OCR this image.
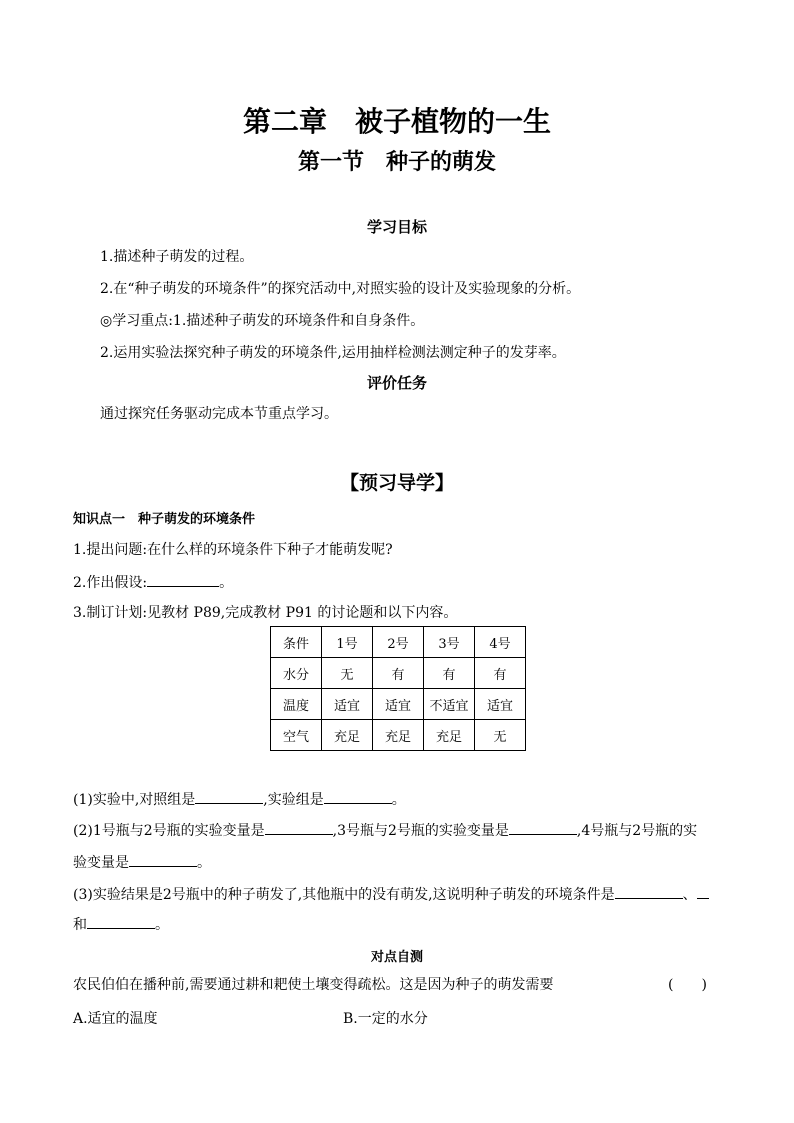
第二章　被子植物的一生
第一节　种子的萌发
学习目标
1.描述种子萌发的过程。
2.在“种子萌发的环境条件”的探究活动中,对照实验的设计及实验现象的分析。
◎学习重点:1.描述种子萌发的环境条件和自身条件。
2.运用实验法探究种子萌发的环境条件,运用抽样检测法测定种子的发芽率。
评价任务
通过探究任务驱动完成本节重点学习。
【预习导学】
知识点一　种子萌发的环境条件
1.提出问题:在什么样的环境条件下种子才能萌发呢?
2.作出假设:	。
3.制订计划:见教材 P89,完成教材 P91 的讨论题和以下内容。
条件	1号	2号	3号	4号
水分	无	有	有	有
温度	适宜	适宜	不适宜	适宜
空气	充足	充足	充足	无
(1)实验中,对照组是	,实验组是	。
(2)1号瓶与2号瓶的实验变量是	,3号瓶与2号瓶的实验变量是	,4号瓶与2号瓶的实
验变量是	。
(3)实验结果是2号瓶中的种子萌发了,其他瓶中的没有萌发,这说明种子萌发的环境条件是	、
和	。
对点自测
农民伯伯在播种前,需要通过耕和耙使土壤变得疏松。这是因为种子的萌发需要	(　　)
A.适宜的温度	B.一定的水分
